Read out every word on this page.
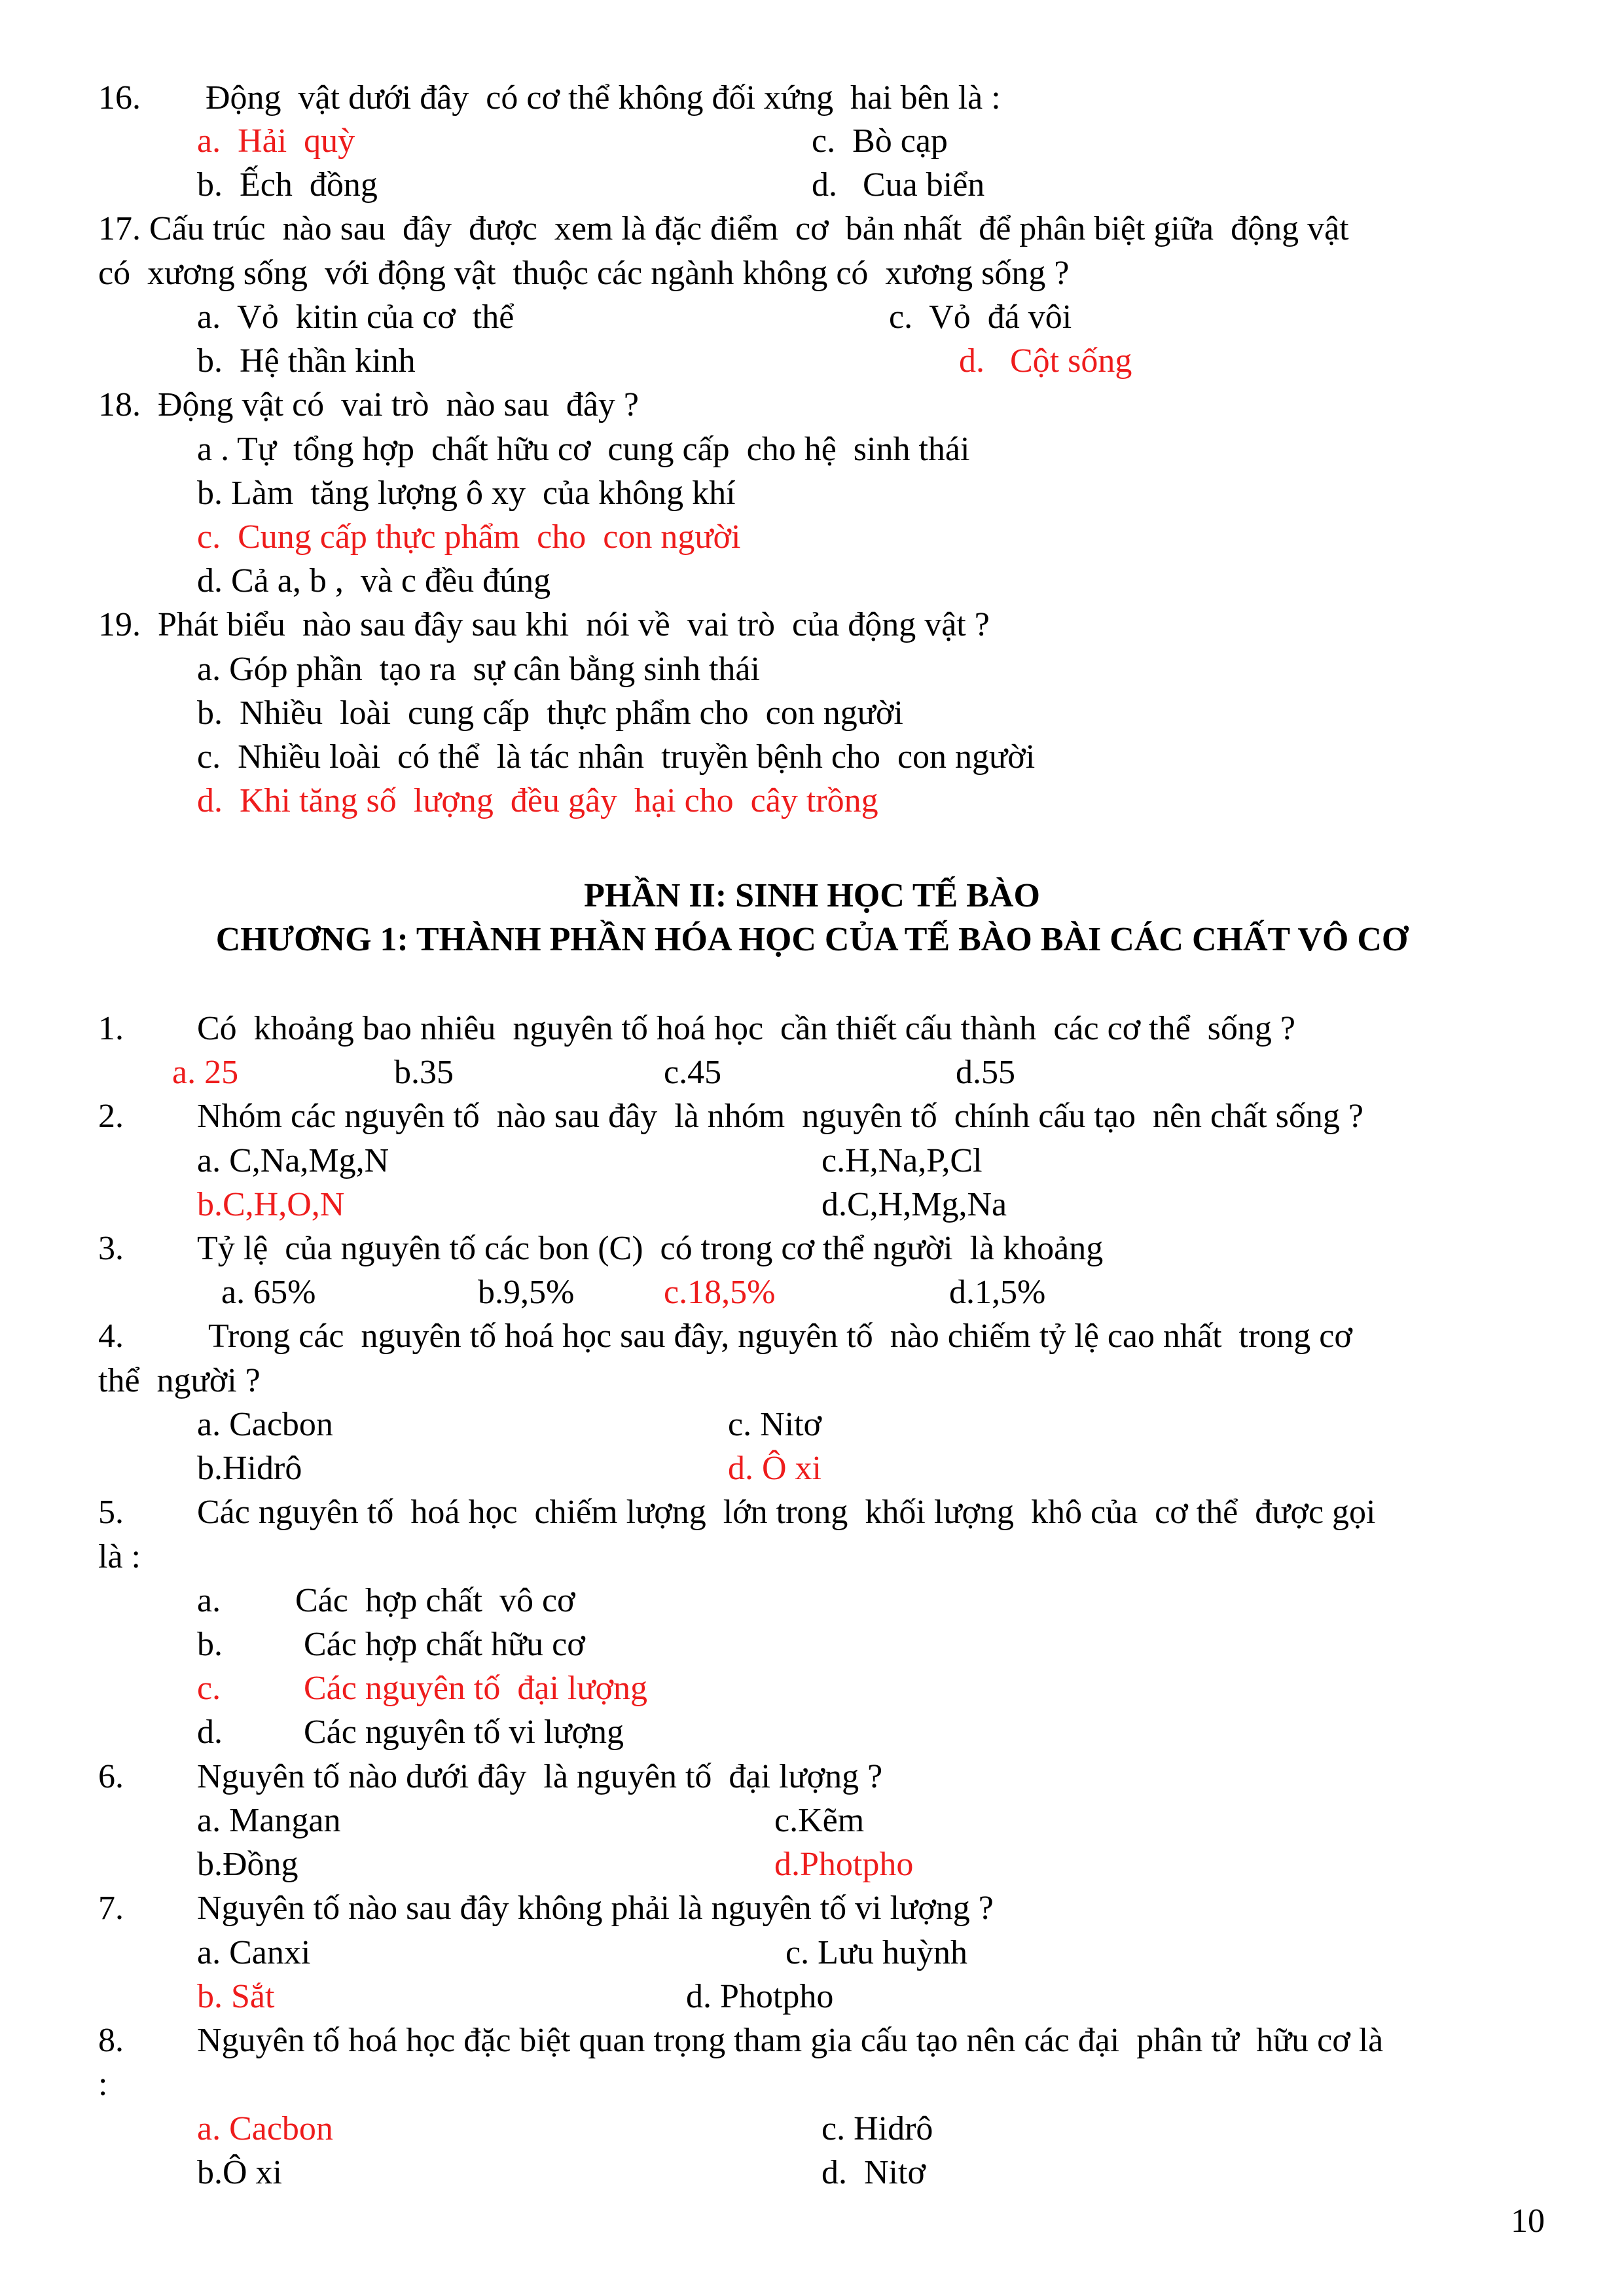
16. Động  vật dưới đây  có cơ thể không đối xứng  hai bên là :
a.  Hải  quỳ	c.  Bò cạp
b.  Ếch  đồng	d.   Cua biển
17. Cấu trúc  nào sau  đây  được  xem là đặc điểm  cơ  bản nhất  để phân biệt giữa  động vật
có  xương sống  với động vật  thuộc các ngành không có  xương sống ?
a.  Vỏ  kitin của cơ  thể	c.  Vỏ  đá vôi
b.  Hệ thần kinh	d.   Cột sống
18.  Động vật có  vai trò  nào sau  đây ?
a . Tự  tổng hợp  chất hữu cơ  cung cấp  cho hệ  sinh thái
b. Làm  tăng lượng ô xy  của không khí
c.  Cung cấp thực phẩm  cho  con người
d. Cả a, b ,  và c đều đúng
19.  Phát biểu  nào sau đây sau khi  nói về  vai trò  của động vật ?
a. Góp phần  tạo ra  sự cân bằng sinh thái
b.  Nhiều  loài  cung cấp  thực phẩm cho  con người
c.  Nhiều loài  có thể  là tác nhân  truyền bệnh cho  con người
d.  Khi tăng số  lượng  đều gây  hại cho  cây trồng
PHẦN II: SINH HỌC TẾ BÀO
CHƯƠNG 1: THÀNH PHẦN HÓA HỌC CỦA TẾ BÀO BÀI CÁC CHẤT VÔ CƠ
1. Có  khoảng bao nhiêu  nguyên tố hoá học  cần thiết cấu thành  các cơ thể  sống ?
a. 25	b.35	c.45	d.55
2. Nhóm các nguyên tố  nào sau đây  là nhóm  nguyên tố  chính cấu tạo  nên chất sống ?
a. C,Na,Mg,N	c.H,Na,P,Cl
b.C,H,O,N	d.C,H,Mg,Na
3. Tỷ lệ  của nguyên tố các bon (C)  có trong cơ thể người  là khoảng
a. 65%	b.9,5%	c.18,5%	d.1,5%
4. Trong các  nguyên tố hoá học sau đây, nguyên tố  nào chiếm tỷ lệ cao nhất  trong cơ
thể  người ?
a. Cacbon	c. Nitơ
b.Hidrô	d. Ô xi
5. Các nguyên tố  hoá học  chiếm lượng  lớn trong  khối lượng  khô của  cơ thể  được gọi
là :
a. Các  hợp chất  vô cơ
b. Các hợp chất hữu cơ
c. Các nguyên tố  đại lượng
d. Các nguyên tố vi lượng
6. Nguyên tố nào dưới đây  là nguyên tố  đại lượng ?
a. Mangan	c.Kẽm
b.Đồng	d.Photpho
7. Nguyên tố nào sau đây không phải là nguyên tố vi lượng ?
a. Canxi	c. Lưu huỳnh
b. Sắt	d. Photpho
8. Nguyên tố hoá học đặc biệt quan trọng tham gia cấu tạo nên các đại  phân tử  hữu cơ là
:
a. Cacbon	c. Hidrô
b.Ô xi	d.  Nitơ
10
